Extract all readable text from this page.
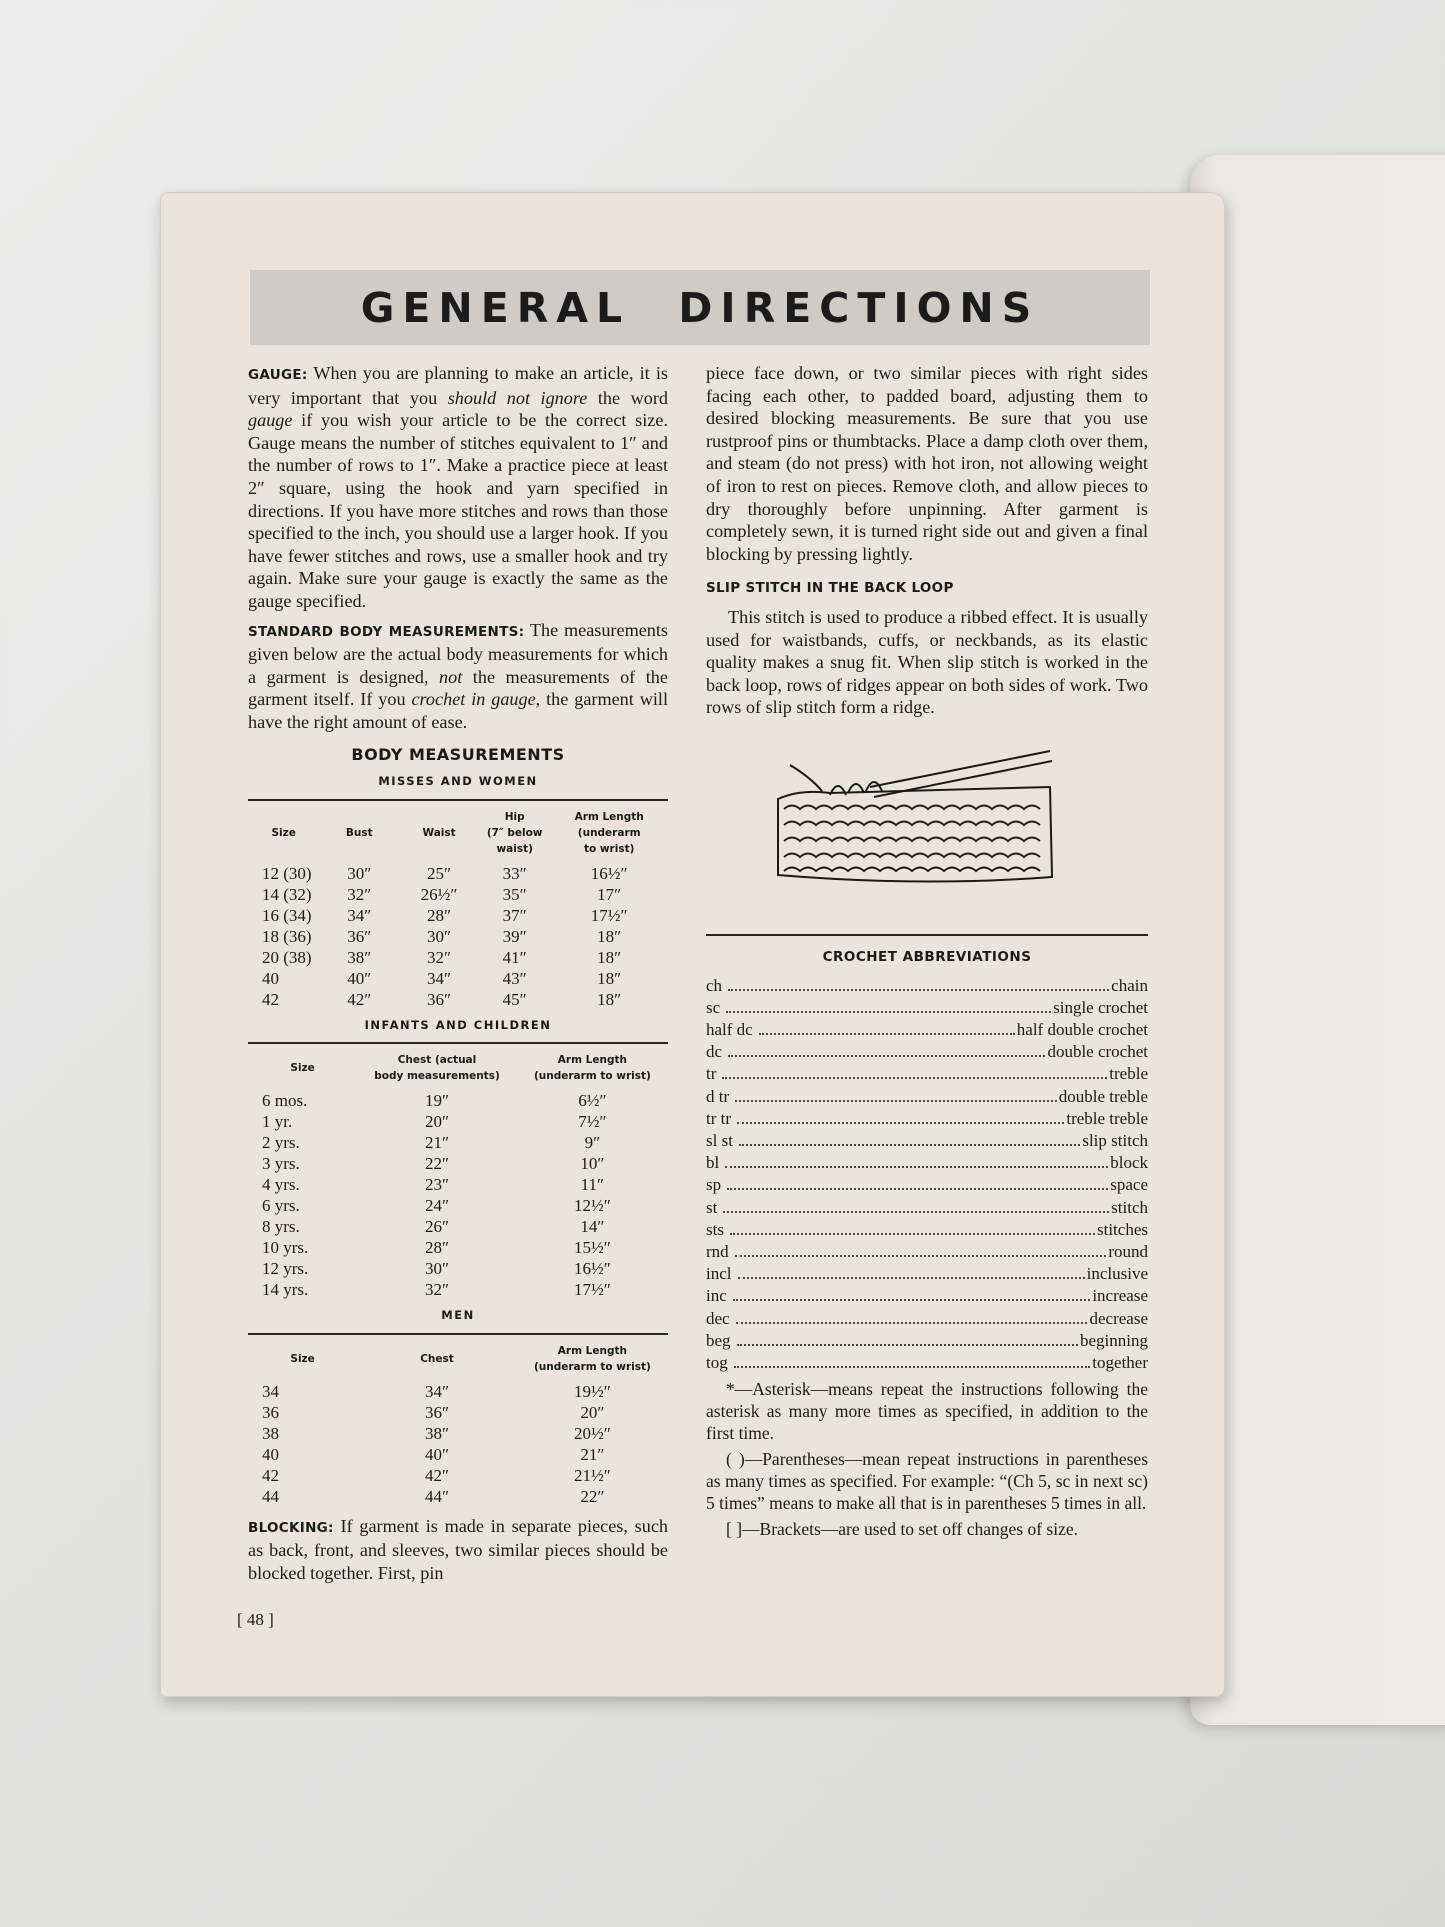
GENERAL DIRECTIONS

GAUGE: When you are planning to make an article, it is very important that you should not ignore the word gauge if you wish your article to be the correct size. Gauge means the number of stitches equivalent to 1″ and the number of rows to 1″. Make a practice piece at least 2″ square, using the hook and yarn specified in directions. If you have more stitches and rows than those specified to the inch, you should use a larger hook. If you have fewer stitches and rows, use a smaller hook and try again. Make sure your gauge is exactly the same as the gauge specified.

STANDARD BODY MEASUREMENTS: The measurements given below are the actual body measurements for which a garment is designed, not the measurements of the garment itself. If you crochet in gauge, the garment will have the right amount of ease.

BODY MEASUREMENTS
MISSES AND WOMEN
Size	Bust	Waist	Hip
(7″ below
waist)	Arm Length
(underarm
to wrist)
12 (30)	30″	25″	33″	16½″
14 (32)	32″	26½″	35″	17″
16 (34)	34″	28″	37″	17½″
18 (36)	36″	30″	39″	18″
20 (38)	38″	32″	41″	18″
40	40″	34″	43″	18″
42	42″	36″	45″	18″
INFANTS AND CHILDREN
Size	Chest (actual
body measurements)	Arm Length
(underarm to wrist)
6 mos.	19″	6½″
1 yr.	20″	7½″
2 yrs.	21″	9″
3 yrs.	22″	10″
4 yrs.	23″	11″
6 yrs.	24″	12½″
8 yrs.	26″	14″
10 yrs.	28″	15½″
12 yrs.	30″	16½″
14 yrs.	32″	17½″
MEN
Size	Chest	Arm Length
(underarm to wrist)
34	34″	19½″
36	36″	20″
38	38″	20½″
40	40″	21″
42	42″	21½″
44	44″	22″

BLOCKING: If garment is made in separate pieces, such as back, front, and sleeves, two similar pieces should be blocked together. First, pin

[ 48 ]

piece face down, or two similar pieces with right sides facing each other, to padded board, adjusting them to desired blocking measurements. Be sure that you use rustproof pins or thumbtacks. Place a damp cloth over them, and steam (do not press) with hot iron, not allowing weight of iron to rest on pieces. Remove cloth, and allow pieces to dry thoroughly before unpinning. After garment is completely sewn, it is turned right side out and given a final blocking by pressing lightly.

SLIP STITCH IN THE BACK LOOP

This stitch is used to produce a ribbed effect. It is usually used for waistbands, cuffs, or neckbands, as its elastic quality makes a snug fit. When slip stitch is worked in the back loop, rows of ridges appear on both sides of work. Two rows of slip stitch form a ridge.

CROCHET ABBREVIATIONS
ch	chain
sc	single crochet
half dc	half double crochet
dc	double crochet
tr	treble
d tr	double treble
tr tr	treble treble
sl st	slip stitch
bl	block
sp	space
st	stitch
sts	stitches
rnd	round
incl	inclusive
inc	increase
dec	decrease
beg	beginning
tog	together

*—Asterisk—means repeat the instructions following the asterisk as many more times as specified, in addition to the first time.

( )—Parentheses—mean repeat instructions in parentheses as many times as specified. For example: “(Ch 5, sc in next sc) 5 times” means to make all that is in parentheses 5 times in all.

[ ]—Brackets—are used to set off changes of size.
